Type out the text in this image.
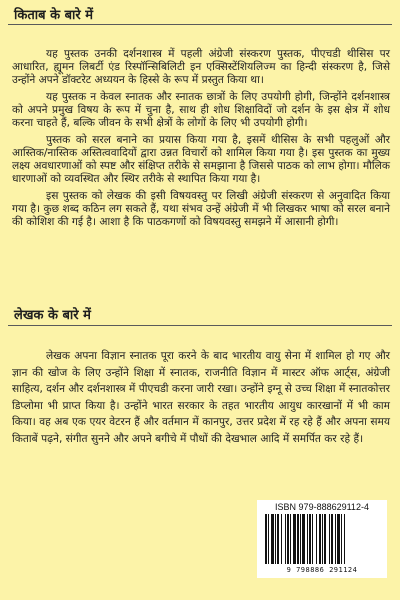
किताब के बारे में

यह पुस्तक उनकी दर्शनशास्त्र में पहली अंग्रेजी संस्करण पुस्तक, पीएचडी थीसिस पर आधारित, ह्यूमन लिबर्टी एंड रिस्पॉन्सिबिलिटी इन एक्सिस्टेंशियलिज्म का हिन्दी संस्करण है, जिसे उन्होंने अपने डॉक्टरेट अध्ययन के हिस्से के रूप में प्रस्तुत किया था।

यह पुस्तक न केवल स्नातक और स्नातक छात्रों के लिए उपयोगी होगी, जिन्होंने दर्शनशास्त्र को अपने प्रमुख विषय के रूप में चुना है, साथ ही शोध शिक्षाविदों जो दर्शन के इस क्षेत्र में शोध करना चाहते हैं, बल्कि जीवन के सभी क्षेत्रों के लोगों के लिए भी उपयोगी होगी।

पुस्तक को सरल बनाने का प्रयास किया गया है, इसमें थीसिस के सभी पहलुओं और आस्तिक/नास्तिक अस्तित्ववादियों द्वारा उन्नत विचारों को शामिल किया गया है। इस पुस्तक का मुख्य लक्ष्य अवधारणाओं को स्पष्ट और संक्षिप्त तरीके से समझाना है जिससे पाठक को लाभ होगा। मौलिक धारणाओं को व्यवस्थित और स्थिर तरीके से स्थापित किया गया है।

इस पुस्तक को लेखक की इसी विषयवस्तु पर लिखी अंग्रेजी संस्करण से अनुवादित किया गया है। कुछ शब्द कठिन लग सकते हैं, यथा संभव उन्हें अंग्रेजी में भी लिखकर भाषा को सरल बनाने की कोशिश की गई है। आशा है कि पाठकगणों को विषयवस्तु समझने में आसानी होगी।

लेखक के बारे में

लेखक अपना विज्ञान स्नातक पूरा करने के बाद भारतीय वायु सेना में शामिल हो गए और ज्ञान की खोज के लिए उन्होंने शिक्षा में स्नातक, राजनीति विज्ञान में मास्टर ऑफ आर्ट्स, अंग्रेजी साहित्य, दर्शन और दर्शनशास्त्र में पीएचडी करना जारी रखा। उन्होंने इग्नू से उच्च शिक्षा में स्नातकोत्तर डिप्लोमा भी प्राप्त किया है। उन्होंने भारत सरकार के तहत भारतीय आयुध कारखानों में भी काम किया। वह अब एक एयर वेटरन हैं और वर्तमान में कानपुर, उत्तर प्रदेश में रह रहे हैं और अपना समय किताबें पढ़ने, संगीत सुनने और अपने बगीचे में पौधों की देखभाल आदि में समर्पित कर रहे हैं।

ISBN 979-888629112-4
9 798886 291124
